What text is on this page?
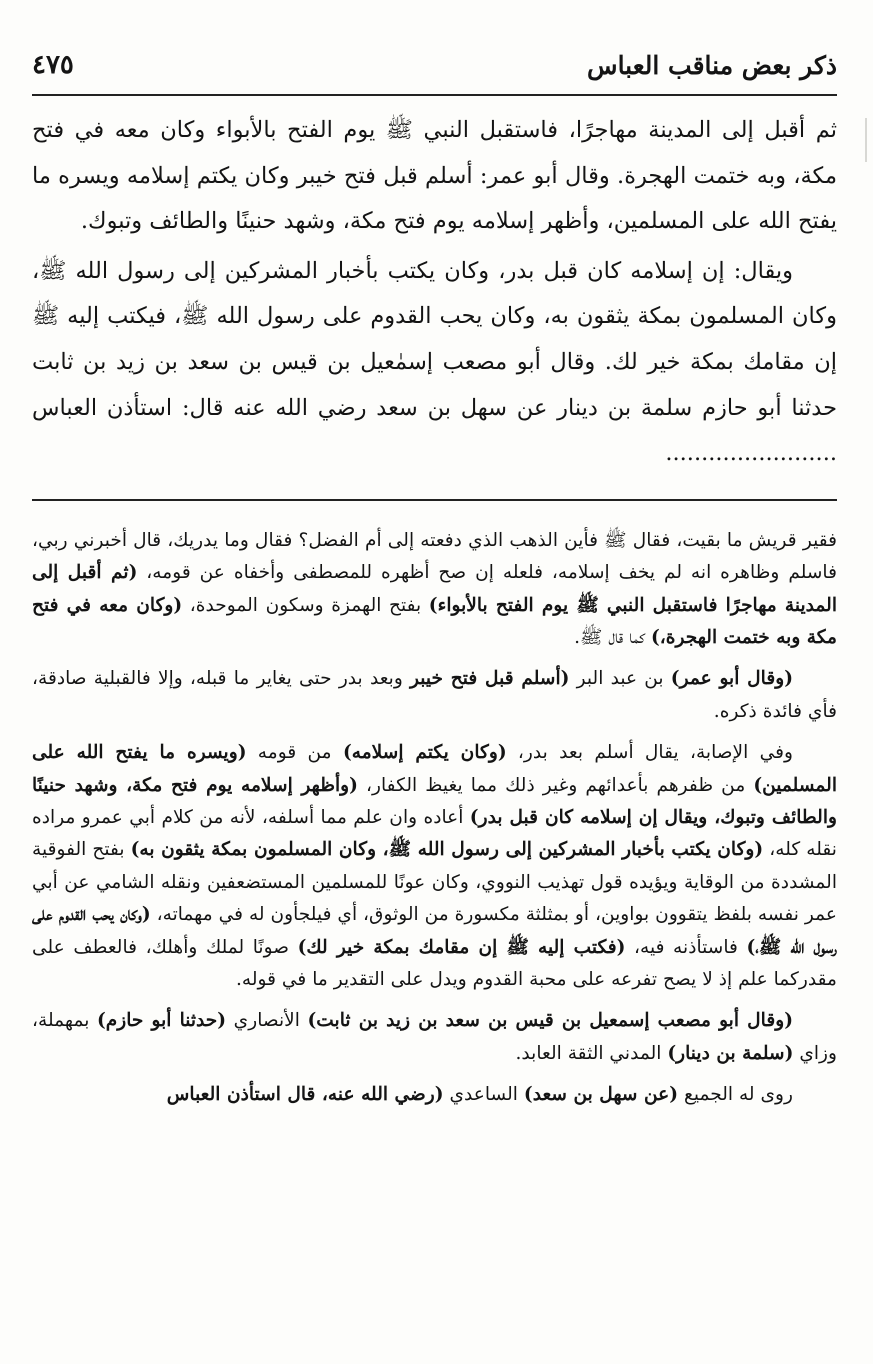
ذكر بعض مناقب العباس
٤٧٥

ثم أقبل إلى المدينة مهاجرًا، فاستقبل النبي ﷺ يوم الفتح بالأبواء وكان معه في فتح مكة، وبه ختمت الهجرة. وقال أبو عمر: أسلم قبل فتح خيبر وكان يكتم إسلامه ويسره ما يفتح الله على المسلمين، وأظهر إسلامه يوم فتح مكة، وشهد حنينًا والطائف وتبوك.

ويقال: إن إسلامه كان قبل بدر، وكان يكتب بأخبار المشركين إلى رسول الله ﷺ، وكان المسلمون بمكة يثقون به، وكان يحب القدوم على رسول الله ﷺ، فيكتب إليه ﷺ إن مقامك بمكة خير لك. وقال أبو مصعب إسمٰعيل بن قيس بن سعد بن زيد بن ثابت حدثنا أبو حازم سلمة بن دينار عن سهل بن سعد رضي الله عنه قال: استأذن العباس ........................

فقير قريش ما بقيت، فقال ﷺ فأين الذهب الذي دفعته إلى أم الفضل؟ فقال وما يدريك، قال أخبرني ربي، فاسلم وظاهره انه لم يخف إسلامه، فلعله إن صح أظهره للمصطفى وأخفاه عن قومه، (ثم أقبل إلى المدينة مهاجرًا فاستقبل النبي ﷺ يوم الفتح بالأبواء) بفتح الهمزة وسكون الموحدة، (وكان معه في فتح مكة وبه ختمت الهجرة،) كما قال ﷺ.

(وقال أبو عمر) بن عبد البر (أسلم قبل فتح خيبر وبعد بدر حتى يغاير ما قبله، وإلا فالقبلية صادقة، فأي فائدة ذكره.

وفي الإصابة، يقال أسلم بعد بدر، (وكان يكتم إسلامه) من قومه (ويسره ما يفتح الله على المسلمين) من ظفرهم بأعدائهم وغير ذلك مما يغيظ الكفار، (وأظهر إسلامه يوم فتح مكة، وشهد حنينًا والطائف وتبوك، ويقال إن إسلامه كان قبل بدر) أعاده وان علم مما أسلفه، لأنه من كلام أبي عمرو مراده نقله كله، (وكان يكتب بأخبار المشركين إلى رسول الله ﷺ، وكان المسلمون بمكة يثقون به) بفتح الفوقية المشددة من الوقاية ويؤيده قول تهذيب النووي، وكان عونًا للمسلمين المستضعفين ونقله الشامي عن أبي عمر نفسه بلفظ يتقوون بواوين، أو بمثلثة مكسورة من الوثوق، أي فيلجأون له في مهماته، (وكان يحب القدوم على رسول الله ﷺ،) فاستأذنه فيه، (فكتب إليه ﷺ إن مقامك بمكة خير لك) صونًا لملك وأهلك، فالعطف على مقدركما علم إذ لا يصح تفرعه على محبة القدوم ويدل على التقدير ما في قوله.

(وقال أبو مصعب إسمعيل بن قيس بن سعد بن زيد بن ثابت) الأنصاري (حدثنا أبو حازم) بمهملة، وزاي (سلمة بن دينار) المدني الثقة العابد.

روى له الجميع (عن سهل بن سعد) الساعدي (رضي الله عنه، قال استأذن العباس
